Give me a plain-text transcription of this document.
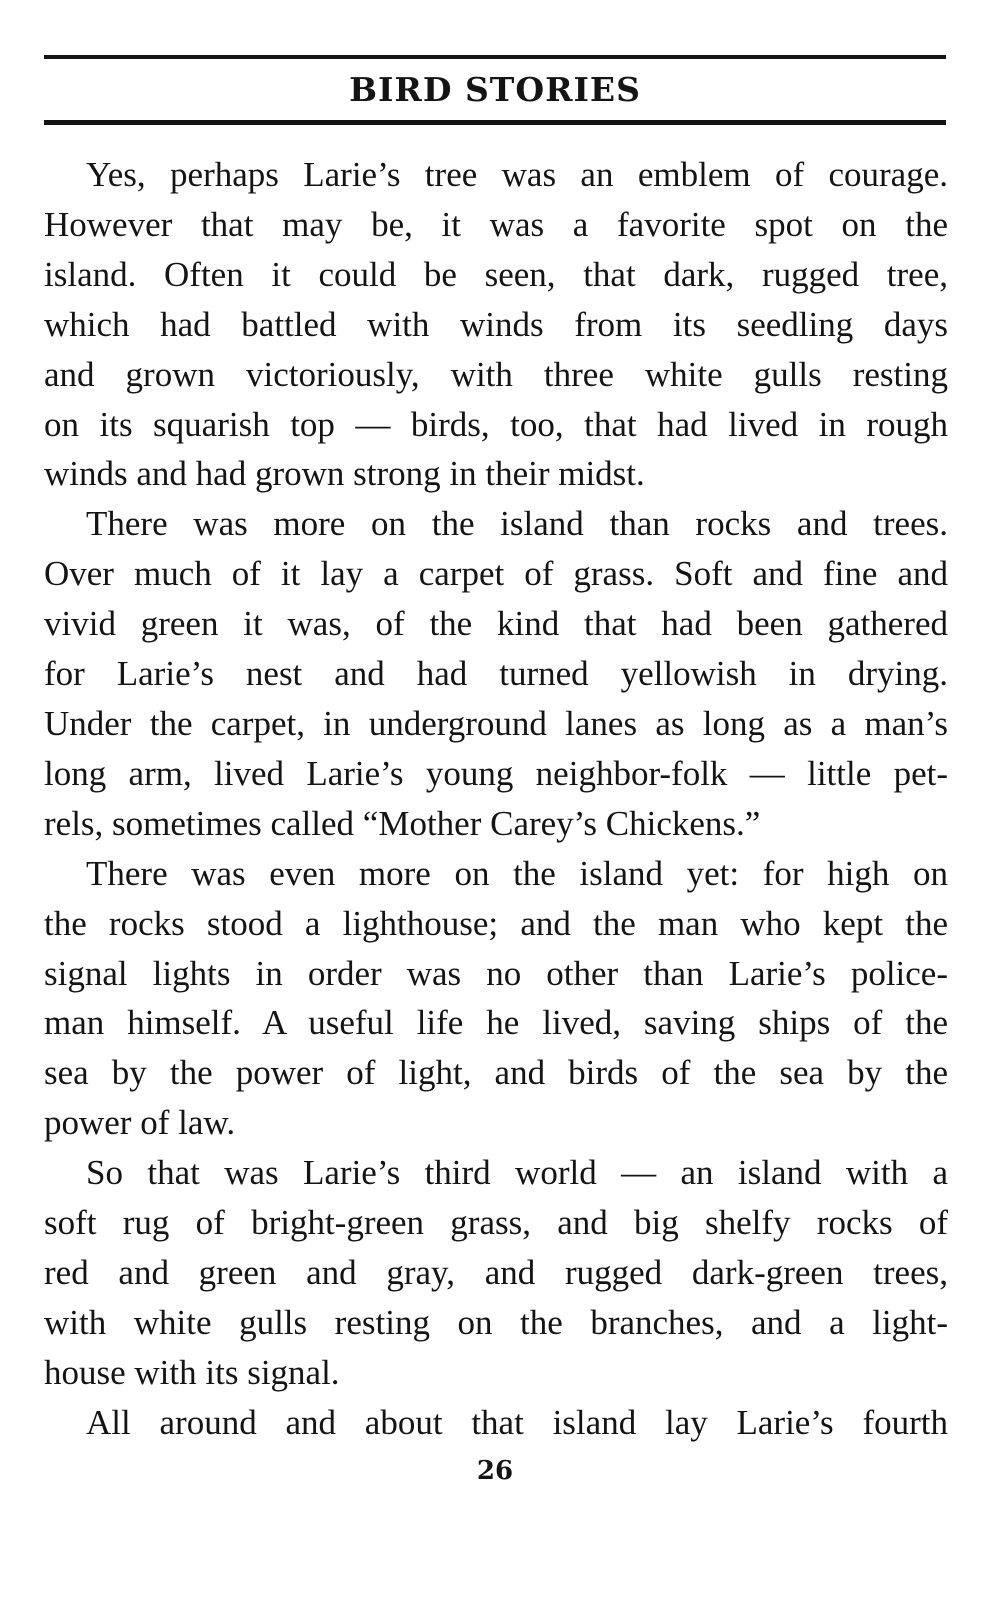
BIRD STORIES
Yes, perhaps Larie’s tree was an emblem of courage.
However that may be, it was a favorite spot on the
island. Often it could be seen, that dark, rugged tree,
which had battled with winds from its seedling days
and grown victoriously, with three white gulls resting
on its squarish top — birds, too, that had lived in rough
winds and had grown strong in their midst.
There was more on the island than rocks and trees.
Over much of it lay a carpet of grass. Soft and fine and
vivid green it was, of the kind that had been gathered
for Larie’s nest and had turned yellowish in drying.
Under the carpet, in underground lanes as long as a man’s
long arm, lived Larie’s young neighbor-folk — little pet-
rels, sometimes called “Mother Carey’s Chickens.”
There was even more on the island yet: for high on
the rocks stood a lighthouse; and the man who kept the
signal lights in order was no other than Larie’s police-
man himself. A useful life he lived, saving ships of the
sea by the power of light, and birds of the sea by the
power of law.
So that was Larie’s third world — an island with a
soft rug of bright-green grass, and big shelfy rocks of
red and green and gray, and rugged dark-green trees,
with white gulls resting on the branches, and a light-
house with its signal.
All around and about that island lay Larie’s fourth
26
